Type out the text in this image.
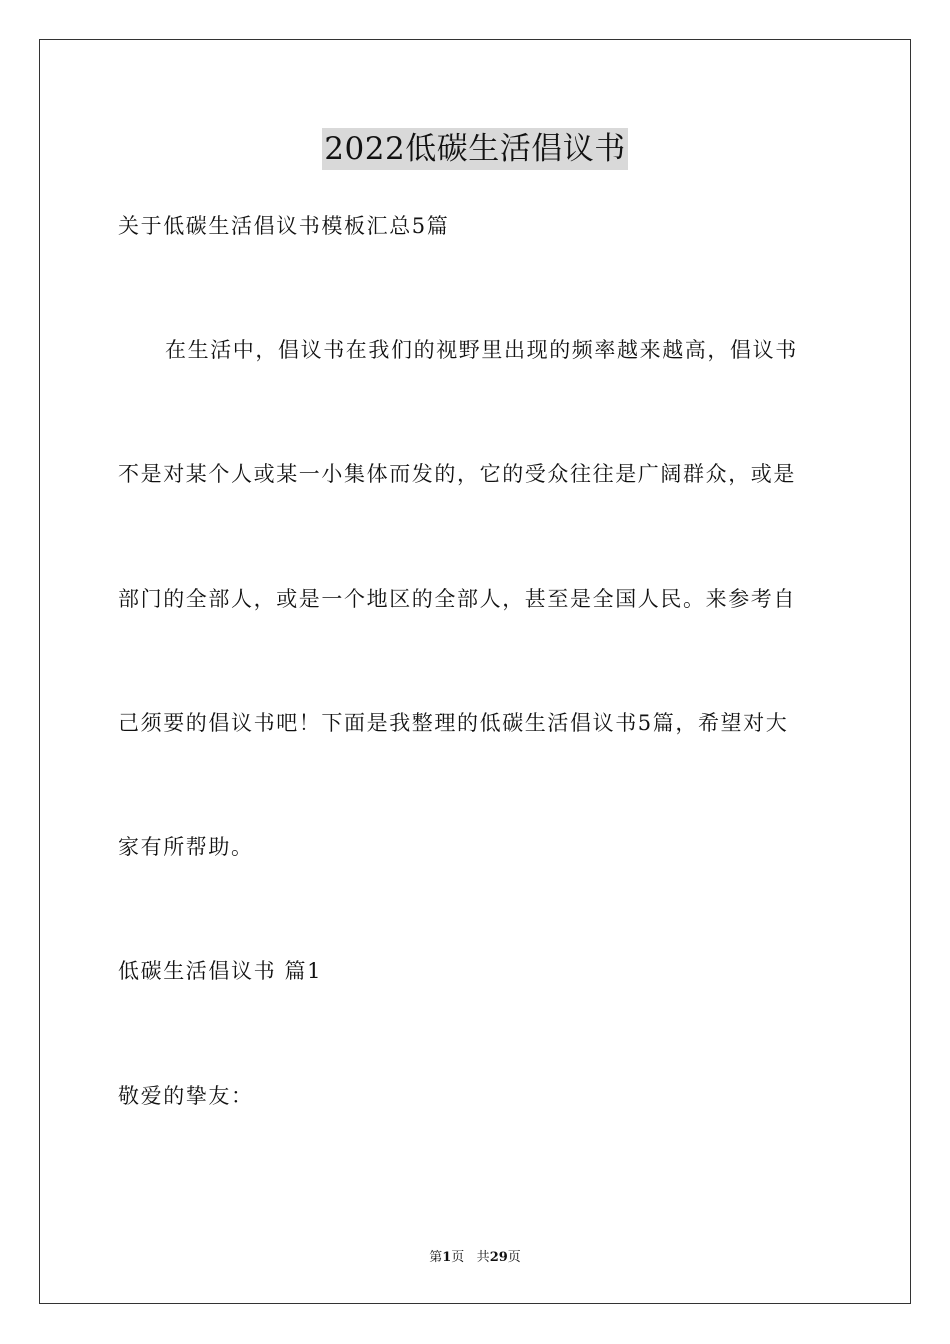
2022低碳生活倡议书
关于低碳生活倡议书模板汇总5篇
在生活中，倡议书在我们的视野里出现的频率越来越高，倡议书
不是对某个人或某一小集体而发的，它的受众往往是广阔群众，或是
部门的全部人，或是一个地区的全部人，甚至是全国人民。来参考自
己须要的倡议书吧！下面是我整理的低碳生活倡议书5篇，希望对大
家有所帮助。
低碳生活倡议书 篇1
敬爱的挚友：
第1页 共29页
